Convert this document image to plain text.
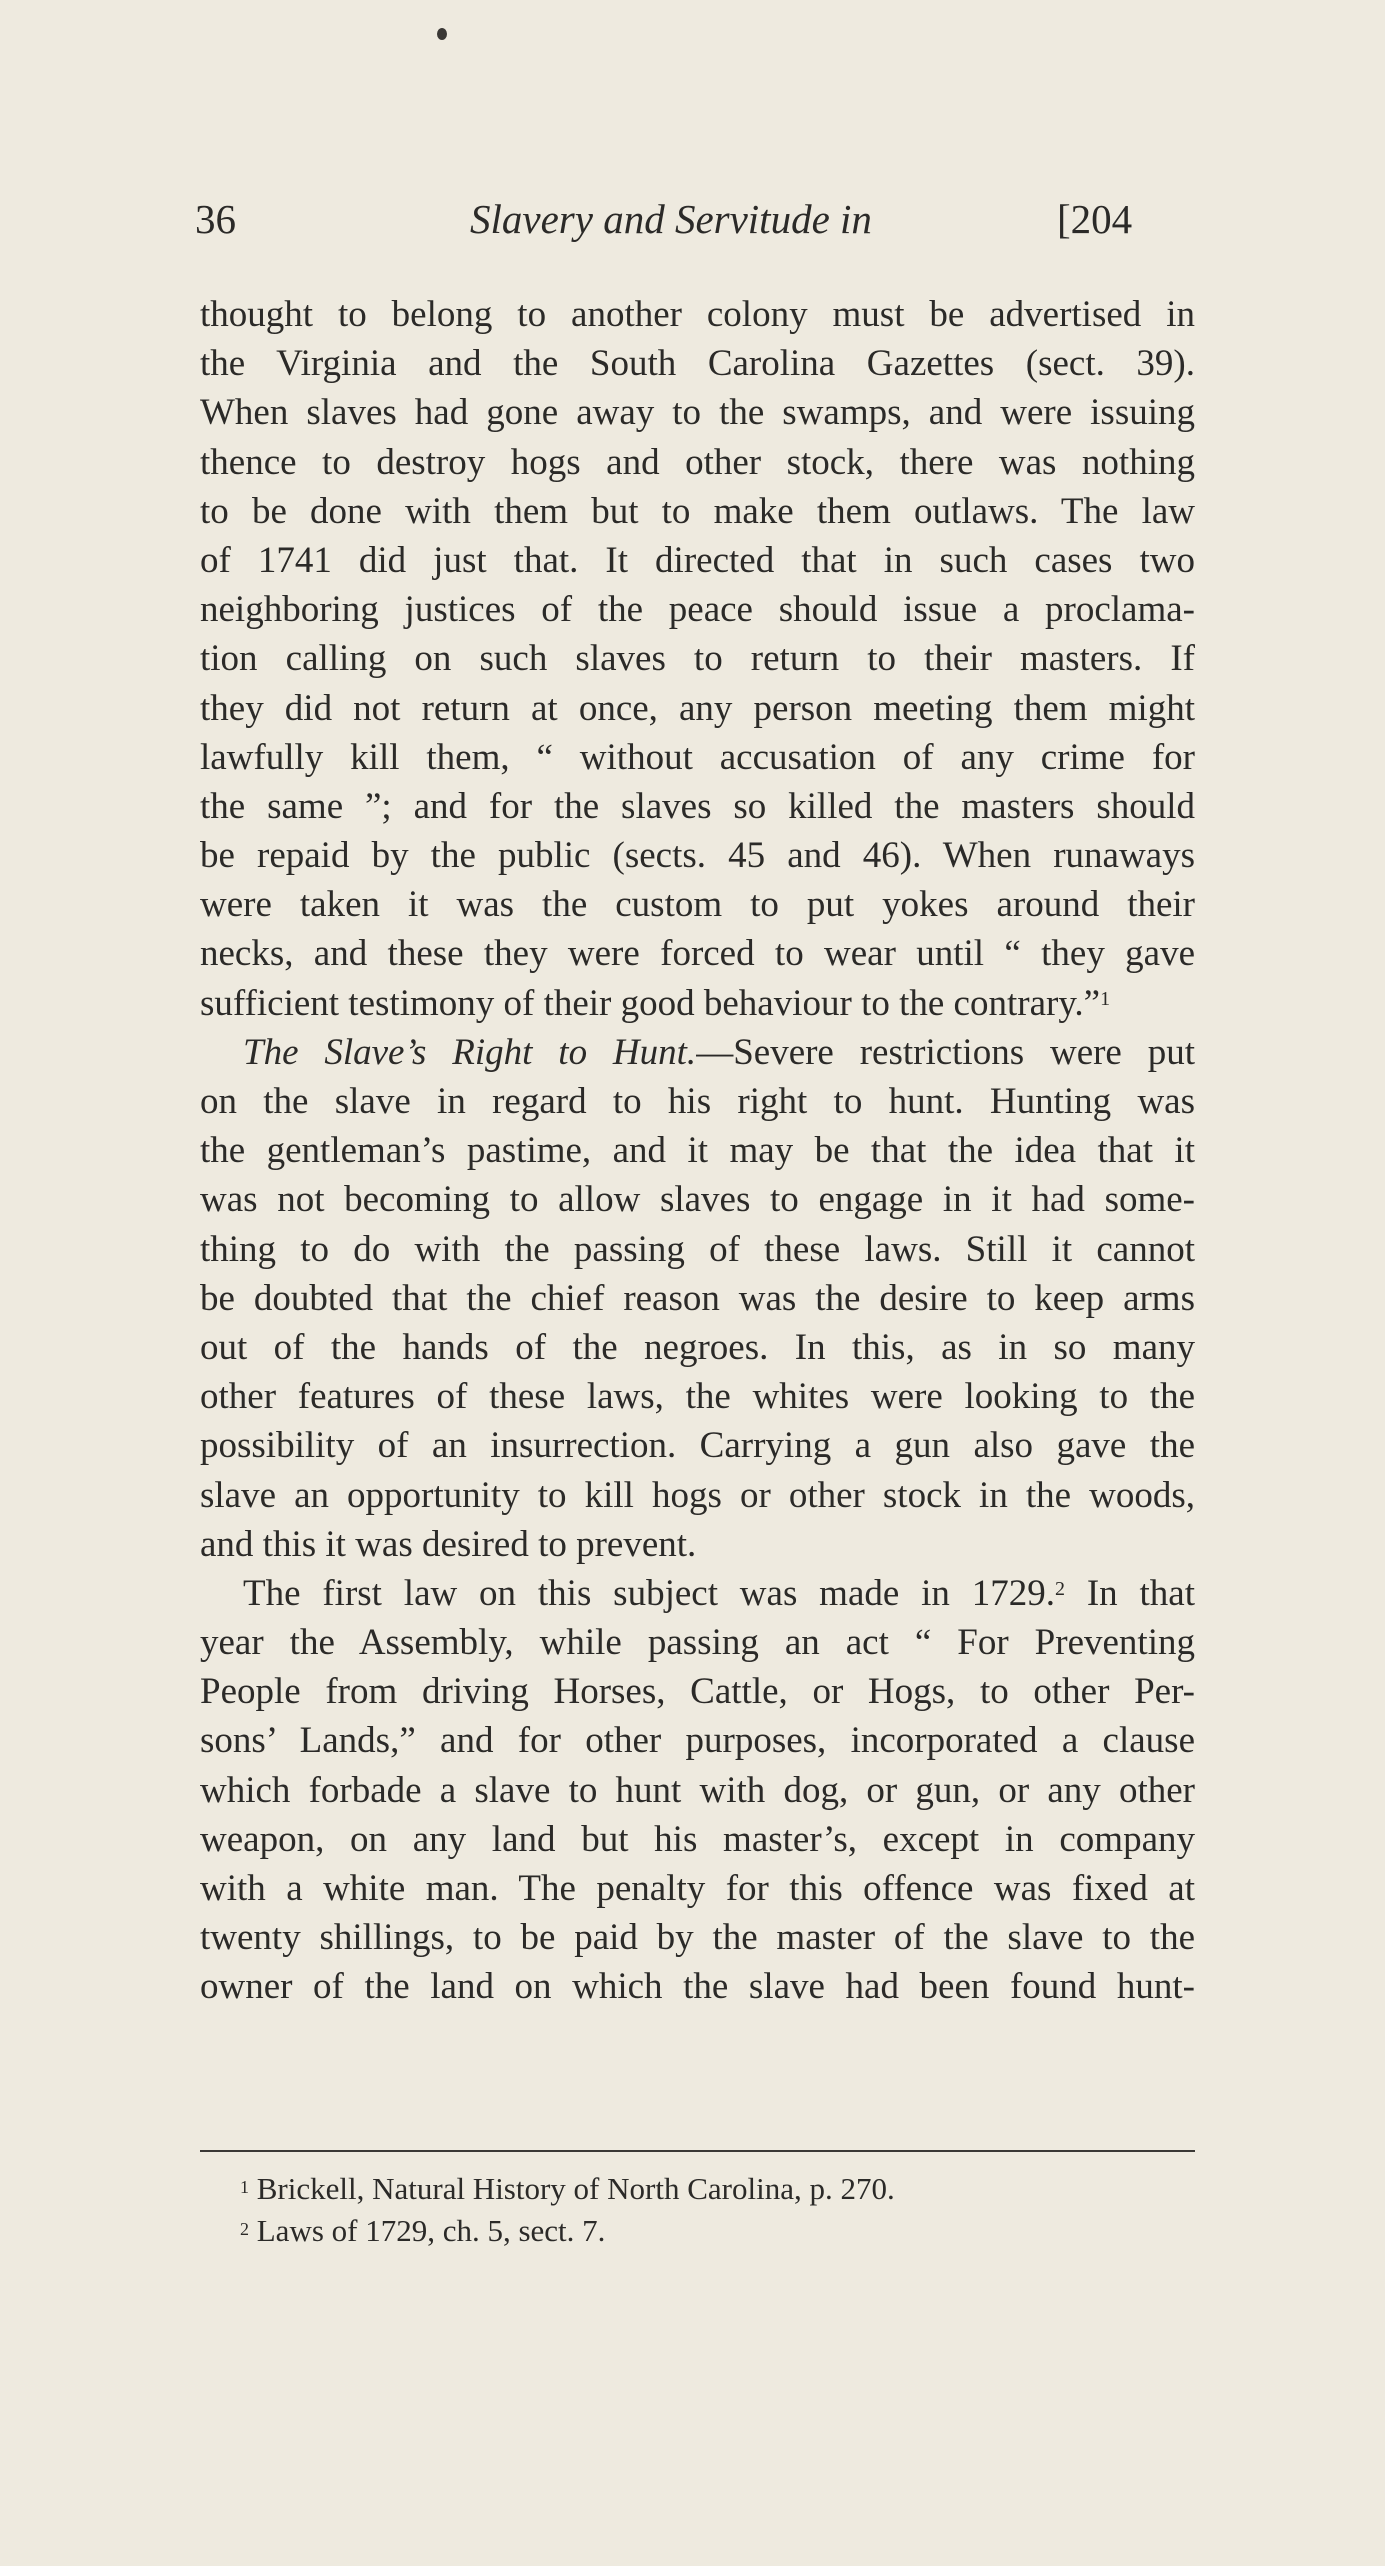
36	Slavery and Servitude in	[204
thought to belong to another colony must be advertised in
the Virginia and the South Carolina Gazettes (sect. 39).
When slaves had gone away to the swamps, and were issuing
thence to destroy hogs and other stock, there was nothing
to be done with them but to make them outlaws. The law
of 1741 did just that. It directed that in such cases two
neighboring justices of the peace should issue a proclama-
tion calling on such slaves to return to their masters. If
they did not return at once, any person meeting them might
lawfully kill them, “ without accusation of any crime for
the same ”; and for the slaves so killed the masters should
be repaid by the public (sects. 45 and 46). When runaways
were taken it was the custom to put yokes around their
necks, and these they were forced to wear until “ they gave
sufficient testimony of their good behaviour to the contrary.”$^1$
The Slave’s Right to Hunt.—Severe restrictions were put
on the slave in regard to his right to hunt. Hunting was
the gentleman’s pastime, and it may be that the idea that it
was not becoming to allow slaves to engage in it had some-
thing to do with the passing of these laws. Still it cannot
be doubted that the chief reason was the desire to keep arms
out of the hands of the negroes. In this, as in so many
other features of these laws, the whites were looking to the
possibility of an insurrection. Carrying a gun also gave the
slave an opportunity to kill hogs or other stock in the woods,
and this it was desired to prevent.
The first law on this subject was made in 1729.$^2$ In that
year the Assembly, while passing an act “ For Preventing
People from driving Horses, Cattle, or Hogs, to other Per-
sons’ Lands,” and for other purposes, incorporated a clause
which forbade a slave to hunt with dog, or gun, or any other
weapon, on any land but his master’s, except in company
with a white man. The penalty for this offence was fixed at
twenty shillings, to be paid by the master of the slave to the
owner of the land on which the slave had been found hunt-
$^1$ Brickell, Natural History of North Carolina, p. 270.
$^2$ Laws of 1729, ch. 5, sect. 7.
